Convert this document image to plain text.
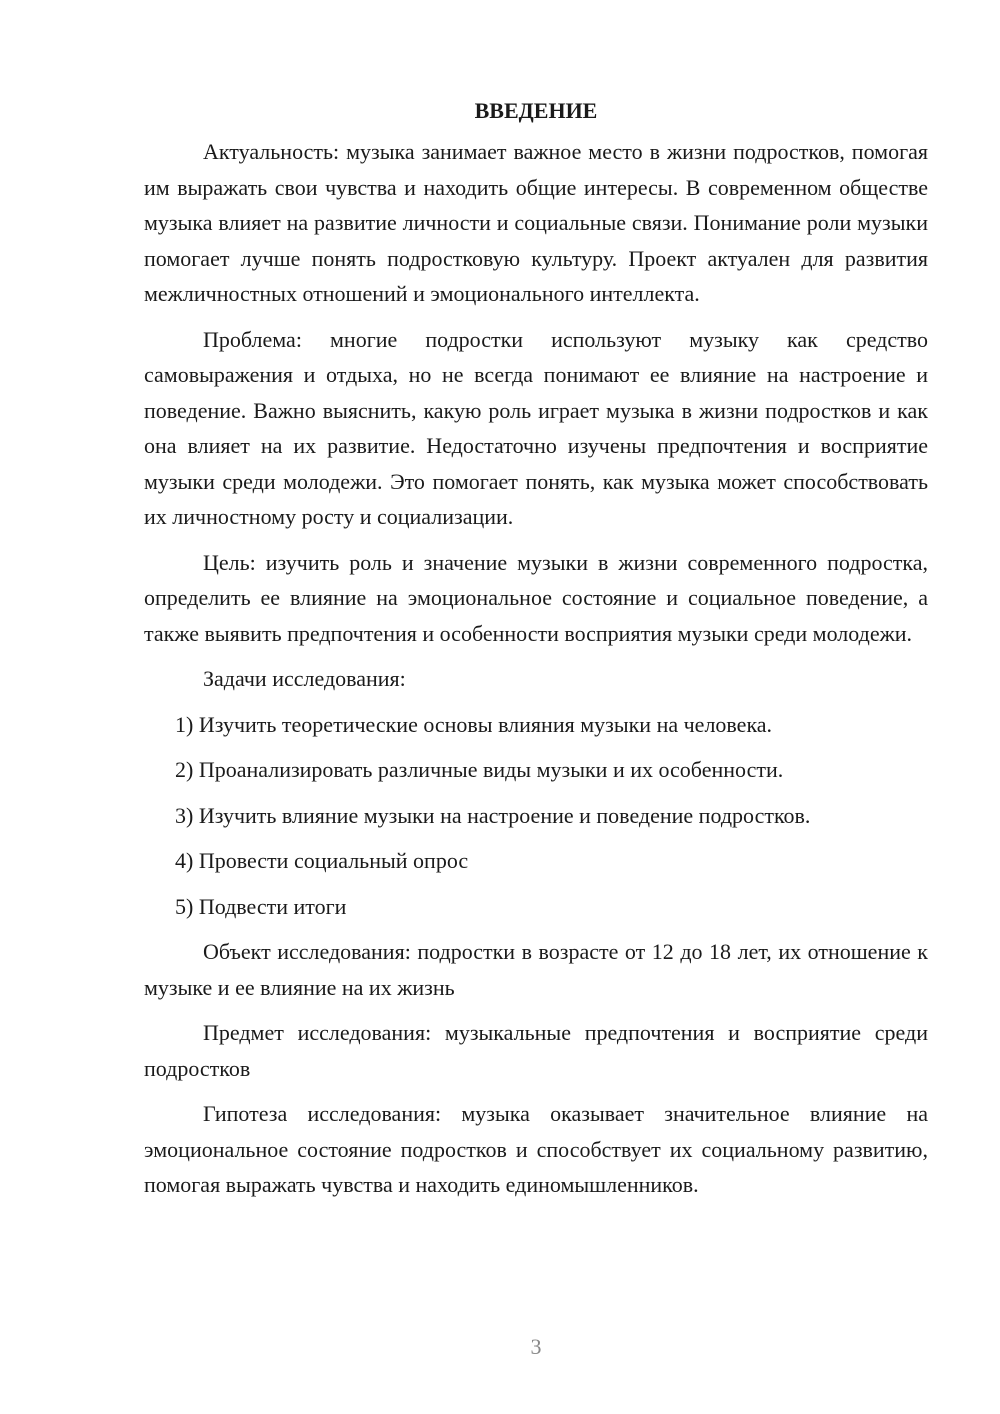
ВВЕДЕНИЕ

Актуальность: музыка занимает важное место в жизни подростков, помогая им выражать свои чувства и находить общие интересы. В современном обществе музыка влияет на развитие личности и социальные связи. Понимание роли музыки помогает лучше понять подростковую культуру. Проект актуален для развития межличностных отношений и эмоционального интеллекта.

Проблема: многие подростки используют музыку как средство самовыражения и отдыха, но не всегда понимают ее влияние на настроение и поведение. Важно выяснить, какую роль играет музыка в жизни подростков и как она влияет на их развитие. Недостаточно изучены предпочтения и восприятие музыки среди молодежи. Это помогает понять, как музыка может способствовать их личностному росту и социализации.

Цель: изучить роль и значение музыки в жизни современного подростка, определить ее влияние на эмоциональное состояние и социальное поведение, а также выявить предпочтения и особенности восприятия музыки среди молодежи.

Задачи исследования:

1) Изучить теоретические основы влияния музыки на человека.
2) Проанализировать различные виды музыки и их особенности.
3) Изучить влияние музыки на настроение и поведение подростков.
4) Провести социальный опрос
5) Подвести итоги

Объект исследования: подростки в возрасте от 12 до 18 лет, их отношение к музыке и ее влияние на их жизнь

Предмет исследования: музыкальные предпочтения и восприятие среди подростков

Гипотеза исследования: музыка оказывает значительное влияние на эмоциональное состояние подростков и способствует их социальному развитию, помогая выражать чувства и находить единомышленников.

3
